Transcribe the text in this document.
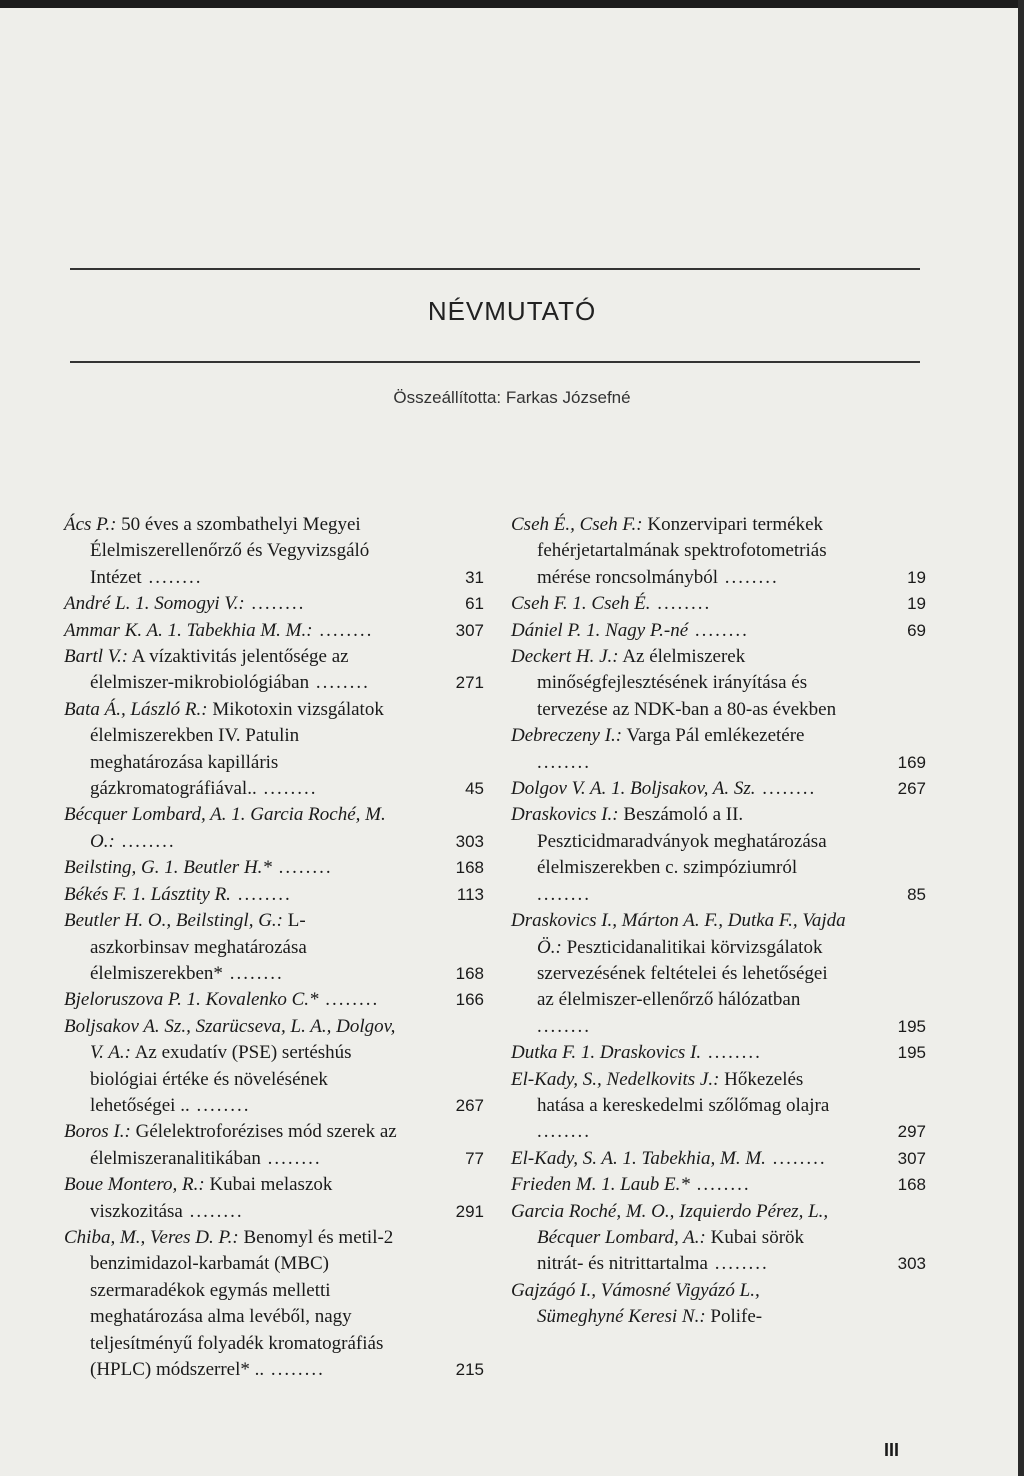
NÉVMUTATÓ
Összeállította: Farkas Józsefné
Ács P.: 50 éves a szombathelyi Megyei Élelmiszerellenőrző és Vegyvizsgáló Intézet ........	31
André L. 1. Somogyi V.: ........	61
Ammar K. A. 1. Tabekhia M. M.: ........	307
Bartl V.: A vízaktivitás jelentősége az élelmiszer-mikrobiológiában ........	271
Bata Á., László R.: Mikotoxin vizsgálatok élelmiszerekben IV. Patulin meghatározása kapilláris gázkromatográfiával.. ........	45
Bécquer Lombard, A. 1. Garcia Roché, M. O.: ........	303
Beilsting, G. 1. Beutler H.* ........	168
Békés F. 1. Lásztity R. ........	113
Beutler H. O., Beilstingl, G.: L-aszkorbinsav meghatározása élelmiszerekben* ........	168
Bjeloruszova P. 1. Kovalenko C.* ........	166
Boljsakov A. Sz., Szarücseva, L. A., Dolgov, V. A.: Az exudatív (PSE) sertéshús biológiai értéke és növelésének lehetőségei .. ........	267
Boros I.: Gélelektroforézises mód szerek az élelmiszeranalitikában ........	77
Boue Montero, R.: Kubai melaszok viszkozitása ........	291
Chiba, M., Veres D. P.: Benomyl és metil-2 benzimidazol-karbamát (MBC) szermaradékok egymás melletti meghatározása alma levéből, nagy teljesítményű folyadék kromatográfiás (HPLC) módszerrel* .. ........	215
Cseh É., Cseh F.: Konzervipari termékek fehérjetartalmának spektrofotometriás mérése roncsolmányból ........	19
Cseh F. 1. Cseh É. ........	19
Dániel P. 1. Nagy P.-né ........	69
Deckert H. J.: Az élelmiszerek minőségfejlesztésének irányítása és tervezése az NDK-ban a 80-as években
Debreczeny I.: Varga Pál emlékezetére ........	169
Dolgov V. A. 1. Boljsakov, A. Sz. ........	267
Draskovics I.: Beszámoló a II. Peszticidmaradványok meghatározása élelmiszerekben c. szimpóziumról ........	85
Draskovics I., Márton A. F., Dutka F., Vajda Ö.: Peszticidanalitikai körvizsgálatok szervezésének feltételei és lehetőségei az élelmiszer-ellenőrző hálózatban ........	195
Dutka F. 1. Draskovics I. ........	195
El-Kady, S., Nedelkovits J.: Hőkezelés hatása a kereskedelmi szőlőmag olajra ........	297
El-Kady, S. A. 1. Tabekhia, M. M. ........	307
Frieden M. 1. Laub E.* ........	168
Garcia Roché, M. O., Izquierdo Pérez, L., Bécquer Lombard, A.: Kubai sörök nitrát- és nitrittartalma ........	303
Gajzágó I., Vámosné Vigyázó L., Sümeghyné Keresi N.: Polife-
III
